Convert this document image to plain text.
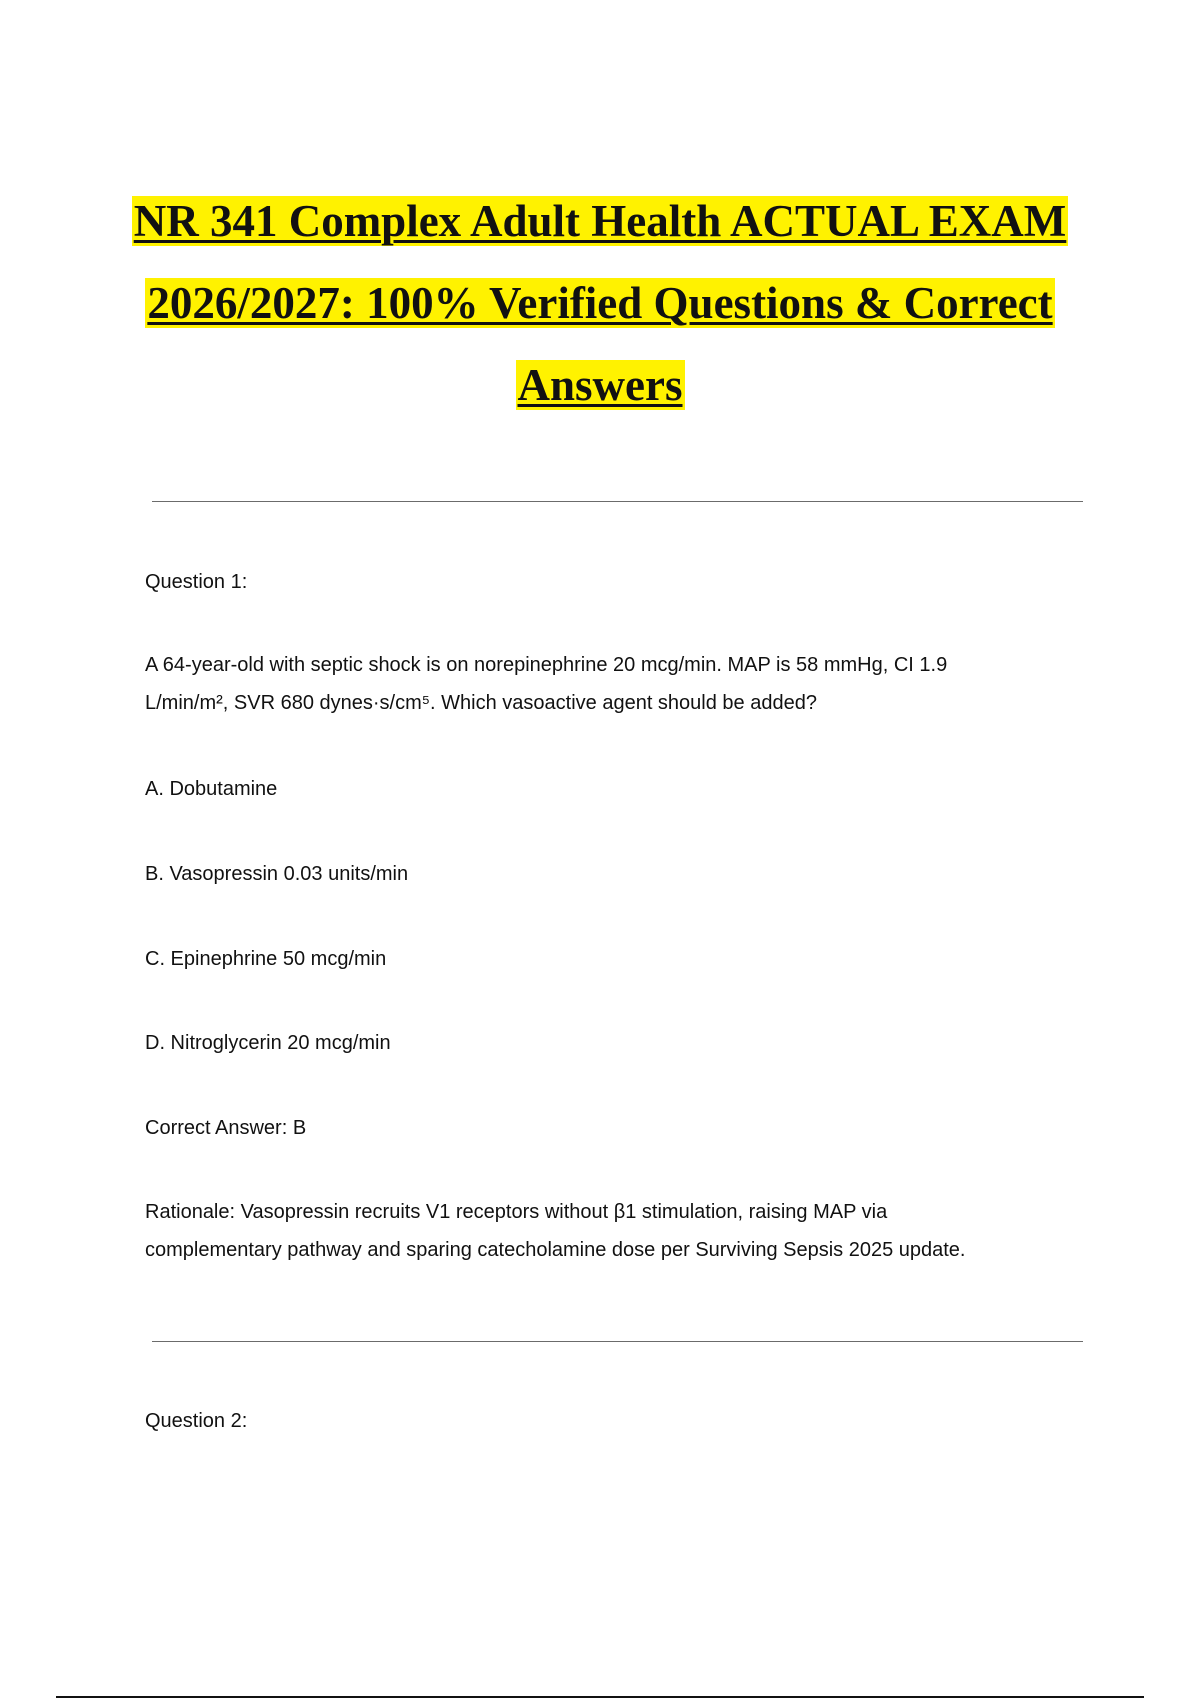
NR 341 Complex Adult Health ACTUAL EXAM
2026/2027: 100% Verified Questions & Correct
Answers
Question 1:
A 64-year-old with septic shock is on norepinephrine 20 mcg/min. MAP is 58 mmHg, CI 1.9
L/min/m², SVR 680 dynes·s/cm⁵. Which vasoactive agent should be added?
A. Dobutamine
B. Vasopressin 0.03 units/min
C. Epinephrine 50 mcg/min
D. Nitroglycerin 20 mcg/min
Correct Answer: B
Rationale: Vasopressin recruits V1 receptors without β1 stimulation, raising MAP via
complementary pathway and sparing catecholamine dose per Surviving Sepsis 2025 update.
Question 2:
